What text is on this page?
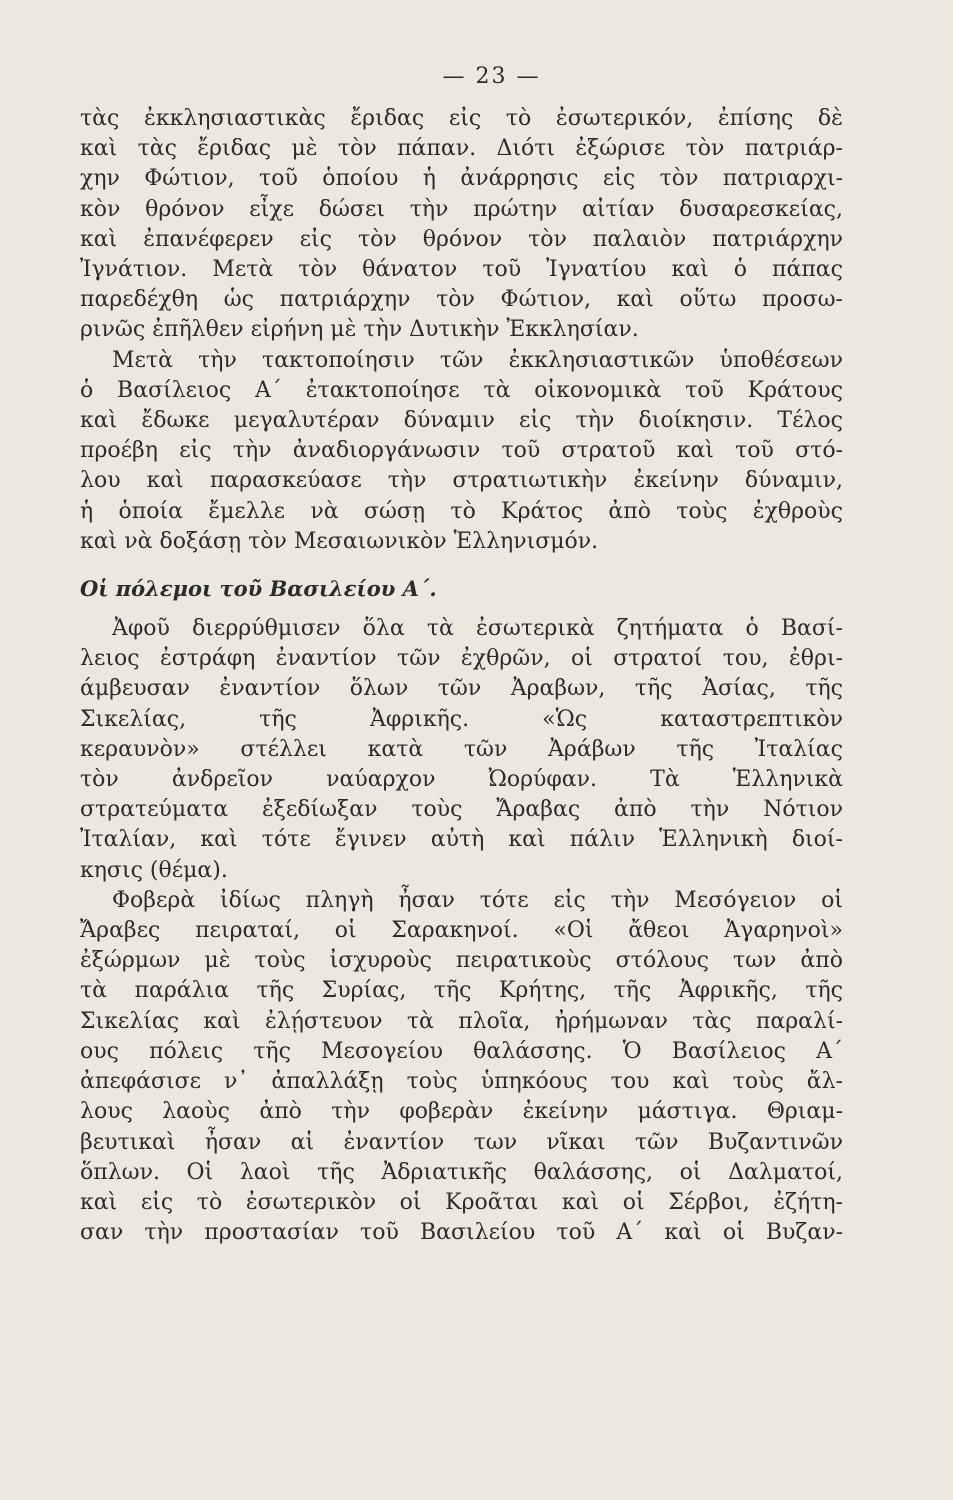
— 23 —
τὰς ἐκκλησιαστικὰς ἔριδας εἰς τὸ ἐσωτερικόν, ἐπίσης δὲ
καὶ τὰς ἔριδας μὲ τὸν πάπαν. Διότι ἐξώρισε τὸν πατριάρ-
χην Φώτιον, τοῦ ὁποίου ἡ ἀνάρρησις εἰς τὸν πατριαρχι-
κὸν θρόνον εἶχε δώσει τὴν πρώτην αἰτίαν δυσαρεσκείας,
καὶ ἐπανέφερεν εἰς τὸν θρόνον τὸν παλαιὸν πατριάρχην
Ἰγνάτιον. Μετὰ τὸν θάνατον τοῦ Ἰγνατίου καὶ ὁ πάπας
παρεδέχθη ὡς πατριάρχην τὸν Φώτιον, καὶ οὕτω προσω-
ρινῶς ἐπῆλθεν εἰρήνη μὲ τὴν Δυτικὴν Ἐκκλησίαν.
Μετὰ τὴν τακτοποίησιν τῶν ἐκκλησιαστικῶν ὑποθέσεων
ὁ Βασίλειος Α΄ ἐτακτοποίησε τὰ οἰκονομικὰ τοῦ Κράτους
καὶ ἔδωκε μεγαλυτέραν δύναμιν εἰς τὴν διοίκησιν. Τέλος
προέβη εἰς τὴν ἀναδιοργάνωσιν τοῦ στρατοῦ καὶ τοῦ στό-
λου καὶ παρασκεύασε τὴν στρατιωτικὴν ἐκείνην δύναμιν,
ἡ ὁποία ἔμελλε νὰ σώσῃ τὸ Κράτος ἀπὸ τοὺς ἐχθροὺς
καὶ νὰ δοξάσῃ τὸν Μεσαιωνικὸν Ἑλληνισμόν.
Οἱ πόλεμοι τοῦ Βασιλείου Α΄.
Ἀφοῦ διερρύθμισεν ὅλα τὰ ἐσωτερικὰ ζητήματα ὁ Βασί-
λειος ἐστράφη ἐναντίον τῶν ἐχθρῶν, οἱ στρατοί του, ἐθρι-
άμβευσαν ἐναντίον ὅλων τῶν Ἀραβων, τῆς Ἀσίας, τῆς
Σικελίας, τῆς Ἀφρικῆς. «Ὡς καταστρεπτικὸν
κεραυνὸν» στέλλει κατὰ τῶν Ἀράβων τῆς Ἰταλίας
τὸν ἀνδρεῖον ναύαρχον Ὠορύφαν. Τὰ Ἑλληνικὰ
στρατεύματα ἐξεδίωξαν τοὺς Ἄραβας ἀπὸ τὴν Νότιον
Ἰταλίαν, καὶ τότε ἔγινεν αὐτὴ καὶ πάλιν Ἑλληνικὴ διοί-
κησις (θέμα).
Φοβερὰ ἰδίως πληγὴ ἦσαν τότε εἰς τὴν Μεσόγειον οἱ
Ἄραβες πειραταί, οἱ Σαρακηνοί. «Οἱ ἄθεοι Ἀγαρηνοὶ»
ἐξώρμων μὲ τοὺς ἰσχυροὺς πειρατικοὺς στόλους των ἀπὸ
τὰ παράλια τῆς Συρίας, τῆς Κρήτης, τῆς Ἀφρικῆς, τῆς
Σικελίας καὶ ἐλῄστευον τὰ πλοῖα, ἠρήμωναν τὰς παραλί-
ους πόλεις τῆς Μεσογείου θαλάσσης. Ὁ Βασίλειος Α΄
ἀπεφάσισε ν᾽ ἀπαλλάξῃ τοὺς ὑπηκόους του καὶ τοὺς ἄλ-
λους λαοὺς ἀπὸ τὴν φοβερὰν ἐκείνην μάστιγα. Θριαμ-
βευτικαὶ ἦσαν αἱ ἐναντίον των νῖκαι τῶν Βυζαντινῶν
ὅπλων. Οἱ λαοὶ τῆς Ἀδριατικῆς θαλάσσης, οἱ Δαλματοί,
καὶ εἰς τὸ ἐσωτερικὸν οἱ Κροᾶται καὶ οἱ Σέρβοι, ἐζήτη-
σαν τὴν προστασίαν τοῦ Βασιλείου τοῦ Α΄ καὶ οἱ Βυζαν-
